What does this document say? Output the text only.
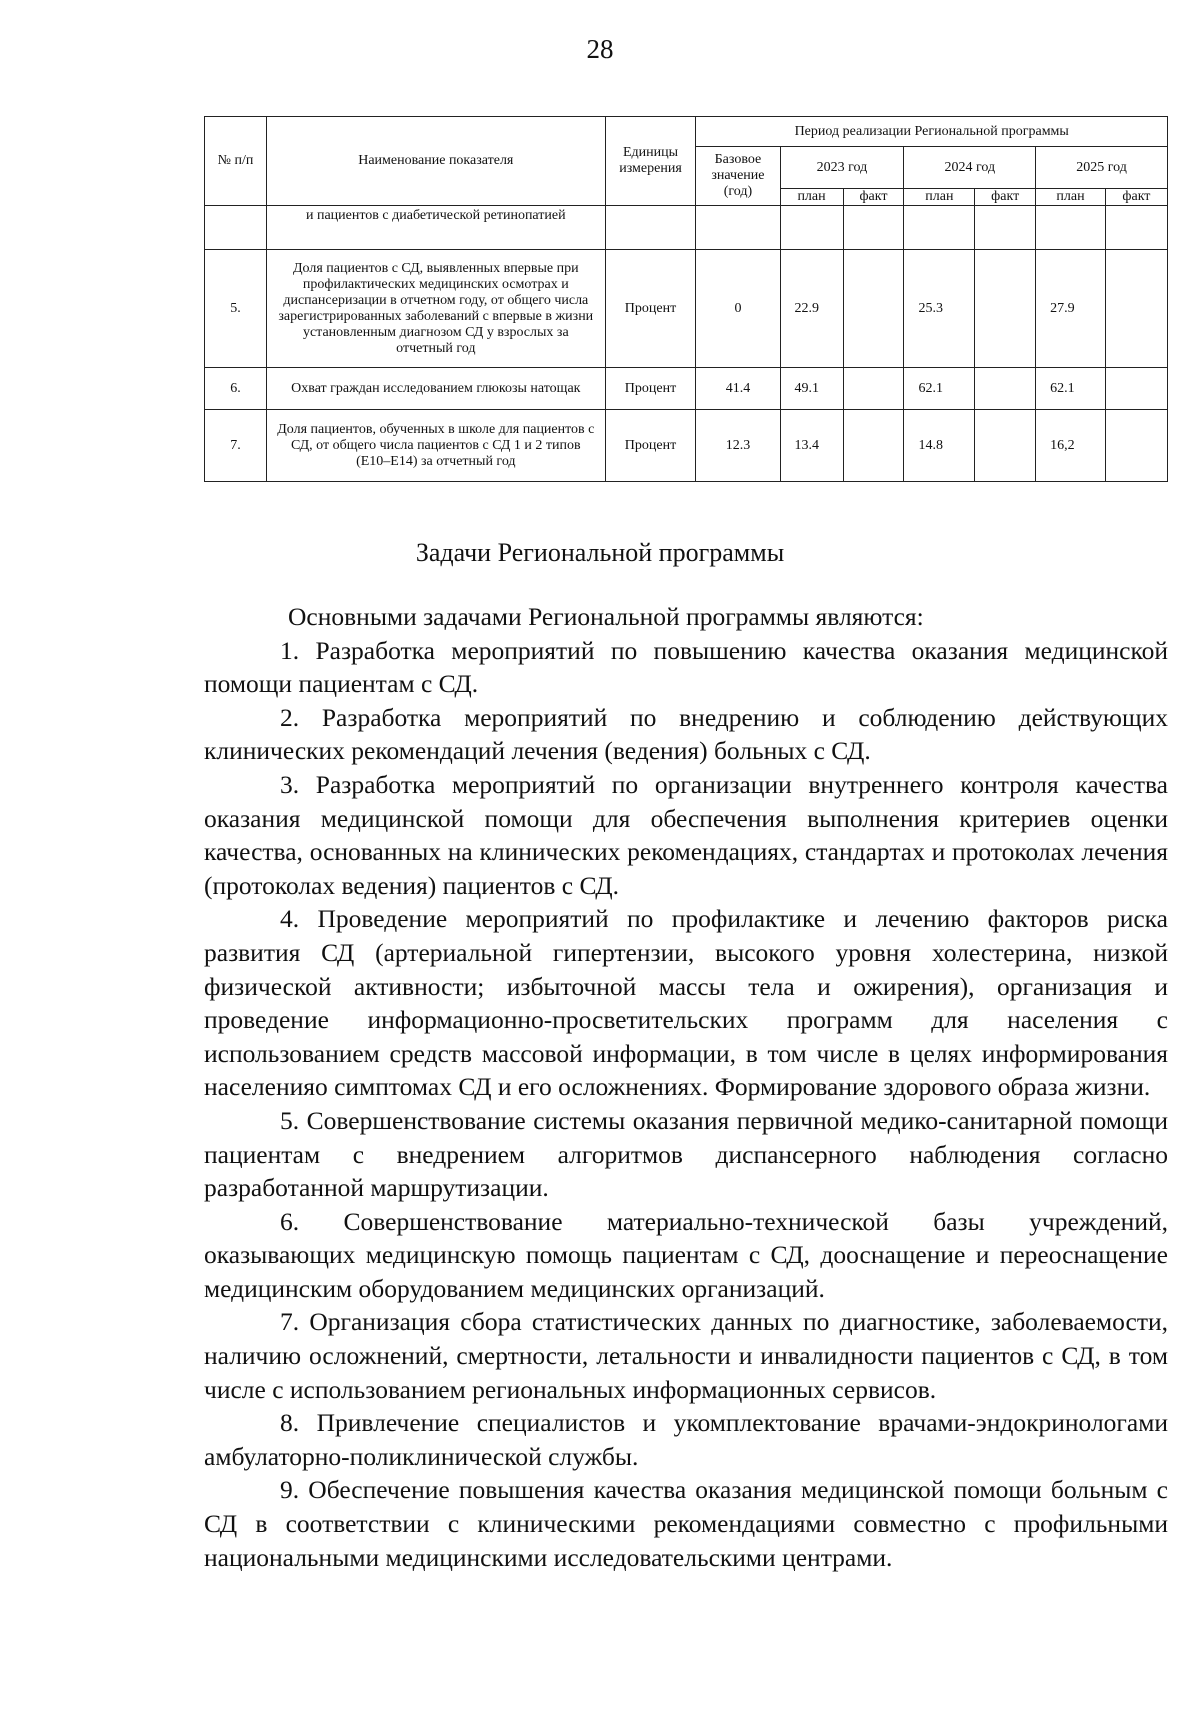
28
№ п/п	Наименование показателя	Единицы измерения	Период реализации Региональной программы						
			Базовое значение (год)	2023 год		2024 год		2025 год	
				план	факт	план	факт	план	факт
	и пациентов с диабетической ретинопатией								
5.	Доля пациентов с СД, выявленных впервые при профилактических медицинских осмотрах и диспансеризации в отчетном году, от общего числа зарегистрированных заболеваний с впервые в жизни установленным диагнозом СД у взрослых за отчетный год	Процент	0	22.9		25.3		27.9	
6.	Охват граждан исследованием глюкозы натощак	Процент	41.4	49.1		62.1		62.1	
7.	Доля пациентов, обученных в школе для пациентов с СД, от общего числа пациентов с СД 1 и 2 типов (Е10–Е14) за отчетный год	Процент	12.3	13.4		14.8		16,2	
Задачи Региональной программы

Основными задачами Региональной программы являются:

1. Разработка мероприятий по повышению качества оказания медицинской помощи пациентам с СД.

2. Разработка мероприятий по внедрению и соблюдению действующих клинических рекомендаций лечения (ведения) больных с СД.

3. Разработка мероприятий по организации внутреннего контроля качества оказания медицинской помощи для обеспечения выполнения критериев оценки качества, основанных на клинических рекомендациях, стандартах и протоколах лечения (протоколах ведения) пациентов с СД.

4. Проведение мероприятий по профилактике и лечению факторов риска развития СД (артериальной гипертензии, высокого уровня холестерина, низкой физической активности; избыточной массы тела и ожирения), организация и проведение информационно-просветительских программ для населения с использованием средств массовой информации, в том числе в целях информирования населенияо симптомах СД и его осложнениях. Формирование здорового образа жизни.

5. Совершенствование системы оказания первичной медико-санитарной помощи пациентам с внедрением алгоритмов диспансерного наблюдения согласно разработанной маршрутизации.

6. Совершенствование материально-технической базы учреждений, оказывающих медицинскую помощь пациентам с СД, дооснащение и переоснащение медицинским оборудованием медицинских организаций.

7. Организация сбора статистических данных по диагностике, заболеваемости, наличию осложнений, смертности, летальности и инвалидности пациентов с СД, в том числе с использованием региональных информационных сервисов.

8. Привлечение специалистов и укомплектование врачами-эндокринологами амбулаторно-поликлинической службы.

9. Обеспечение повышения качества оказания медицинской помощи больным с СД в соответствии с клиническими рекомендациями совместно с профильными национальными медицинскими исследовательскими центрами.
